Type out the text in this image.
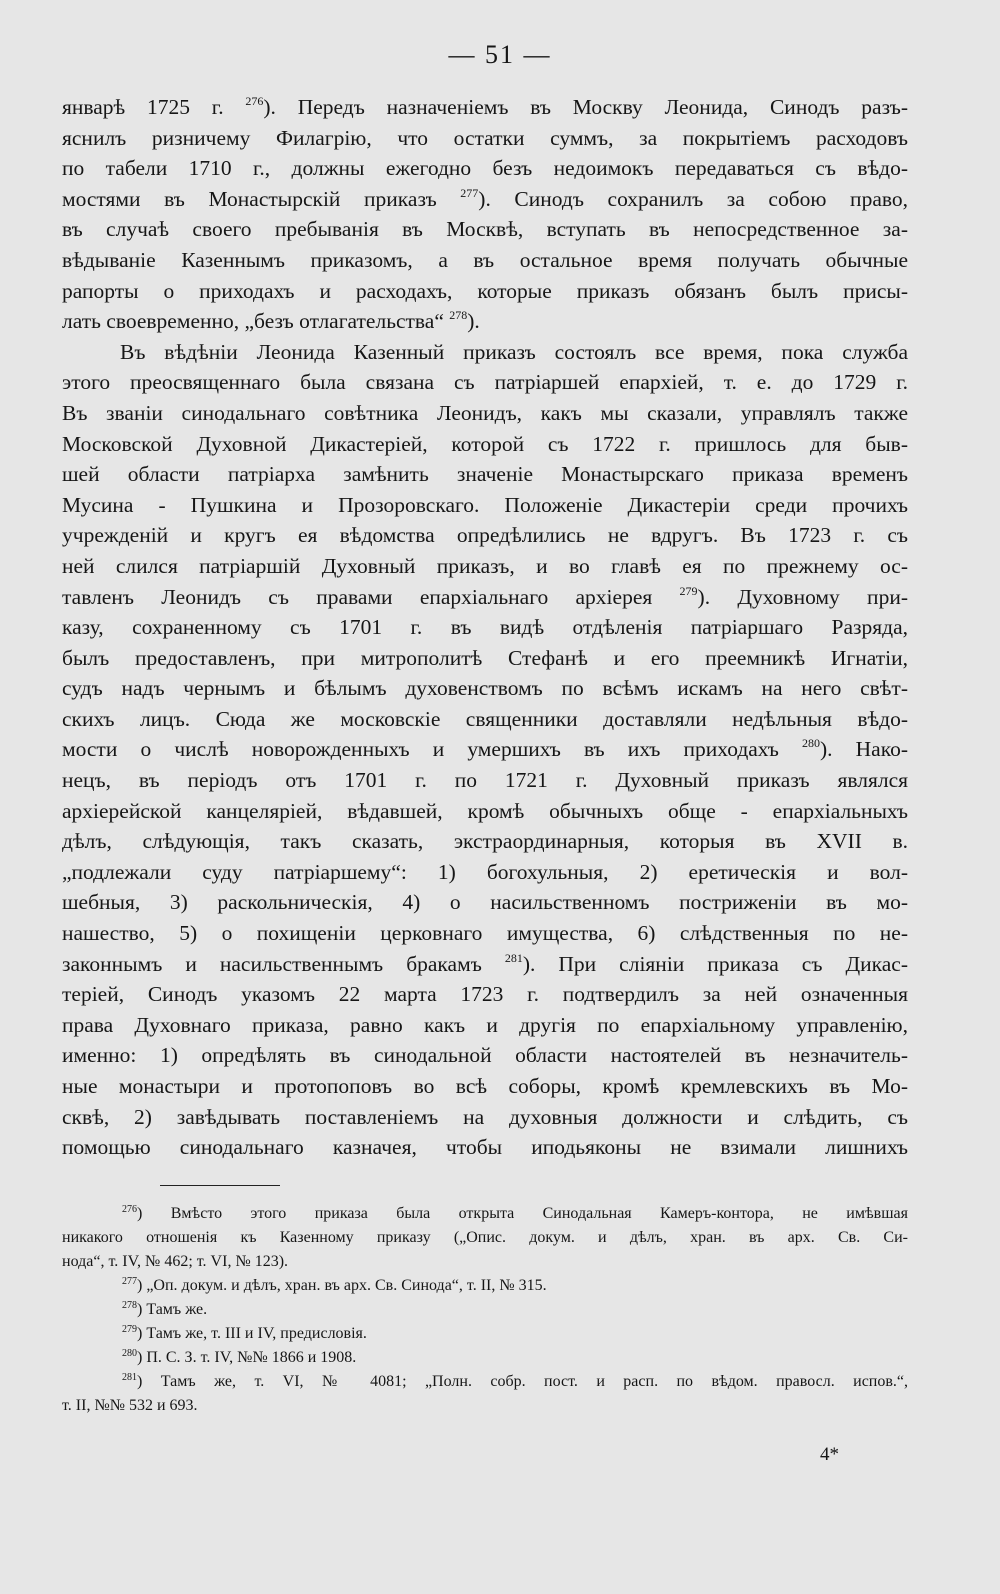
— 51 —
январѣ 1725 г. $^{276}$). Передъ назначеніемъ въ Москву Леонида, Синодъ разъ-
яснилъ ризничему Филагрію, что остатки суммъ, за покрытіемъ расходовъ
по табели 1710 г., должны ежегодно безъ недоимокъ передаваться съ вѣдо-
мостями въ Монастырскій приказъ $^{277}$). Синодъ сохранилъ за собою право,
въ случаѣ своего пребыванія въ Москвѣ, вступать въ непосредственное за-
вѣдываніе Казеннымъ приказомъ, а въ остальное время получать обычные
рапорты о приходахъ и расходахъ, которые приказъ обязанъ былъ присы-
лать своевременно, „безъ отлагательства“ $^{278}$).
Въ вѣдѣніи Леонида Казенный приказъ состоялъ все время, пока служба
этого преосвященнаго была связана съ патріаршей епархіей, т. е. до 1729 г.
Въ званіи синодальнаго совѣтника Леонидъ, какъ мы сказали, управлялъ также
Московской Духовной Дикастеріей, которой съ 1722 г. пришлось для быв-
шей области патріарха замѣнить значеніе Монастырскаго приказа временъ
Мусина - Пушкина и Прозоровскаго. Положеніе Дикастеріи среди прочихъ
учрежденій и кругъ ея вѣдомства опредѣлились не вдругъ. Въ 1723 г. съ
ней слился патріаршій Духовный приказъ, и во главѣ ея по прежнему ос-
тавленъ Леонидъ съ правами епархіальнаго архіерея $^{279}$). Духовному при-
казу, сохраненному съ 1701 г. въ видѣ отдѣленія патріаршаго Разряда,
былъ предоставленъ, при митрополитѣ Стефанѣ и его преемникѣ Игнатіи,
судъ надъ чернымъ и бѣлымъ духовенствомъ по всѣмъ искамъ на него свѣт-
скихъ лицъ. Сюда же московскіе священники доставляли недѣльныя вѣдо-
мости о числѣ новорожденныхъ и умершихъ въ ихъ приходахъ $^{280}$). Нако-
нецъ, въ періодъ отъ 1701 г. по 1721 г. Духовный приказъ являлся
архіерейской канцеляріей, вѣдавшей, кромѣ обычныхъ обще - епархіальныхъ
дѣлъ, слѣдующія, такъ сказать, экстраординарныя, которыя въ XVII в.
„подлежали суду патріаршему“: 1) богохульныя, 2) еретическія и вол-
шебныя, 3) раскольническія, 4) о насильственномъ постриженіи въ мо-
нашество, 5) о похищеніи церковнаго имущества, 6) слѣдственныя по не-
законнымъ и насильственнымъ бракамъ $^{281}$). При сліяніи приказа съ Дикас-
теріей, Синодъ указомъ 22 марта 1723 г. подтвердилъ за ней означенныя
права Духовнаго приказа, равно какъ и другія по епархіальному управленію,
именно: 1) опредѣлять въ синодальной области настоятелей въ незначитель-
ные монастыри и протопоповъ во всѣ соборы, кромѣ кремлевскихъ въ Мо-
сквѣ, 2) завѣдывать поставленіемъ на духовныя должности и слѣдить, съ
помощью синодальнаго казначея, чтобы иподьяконы не взимали лишнихъ
$^{276}$) Вмѣсто этого приказа была открыта Синодальная Камеръ-контора, не имѣвшая
никакого отношенія къ Казенному приказу („Опис. докум. и дѣлъ, хран. въ арх. Св. Си-
нода“, т. IV, № 462; т. VI, № 123).
$^{277}$) „Оп. докум. и дѣлъ, хран. въ арх. Св. Синода“, т. II, № 315.
$^{278}$) Тамъ же.
$^{279}$) Тамъ же, т. III и IV, предисловія.
$^{280}$) П. С. З. т. IV, №№ 1866 и 1908.
$^{281}$) Тамъ же, т. VI, № 4081; „Полн. собр. пост. и расп. по вѣдом. правосл. испов.“,
т. II, №№ 532 и 693.
4*
